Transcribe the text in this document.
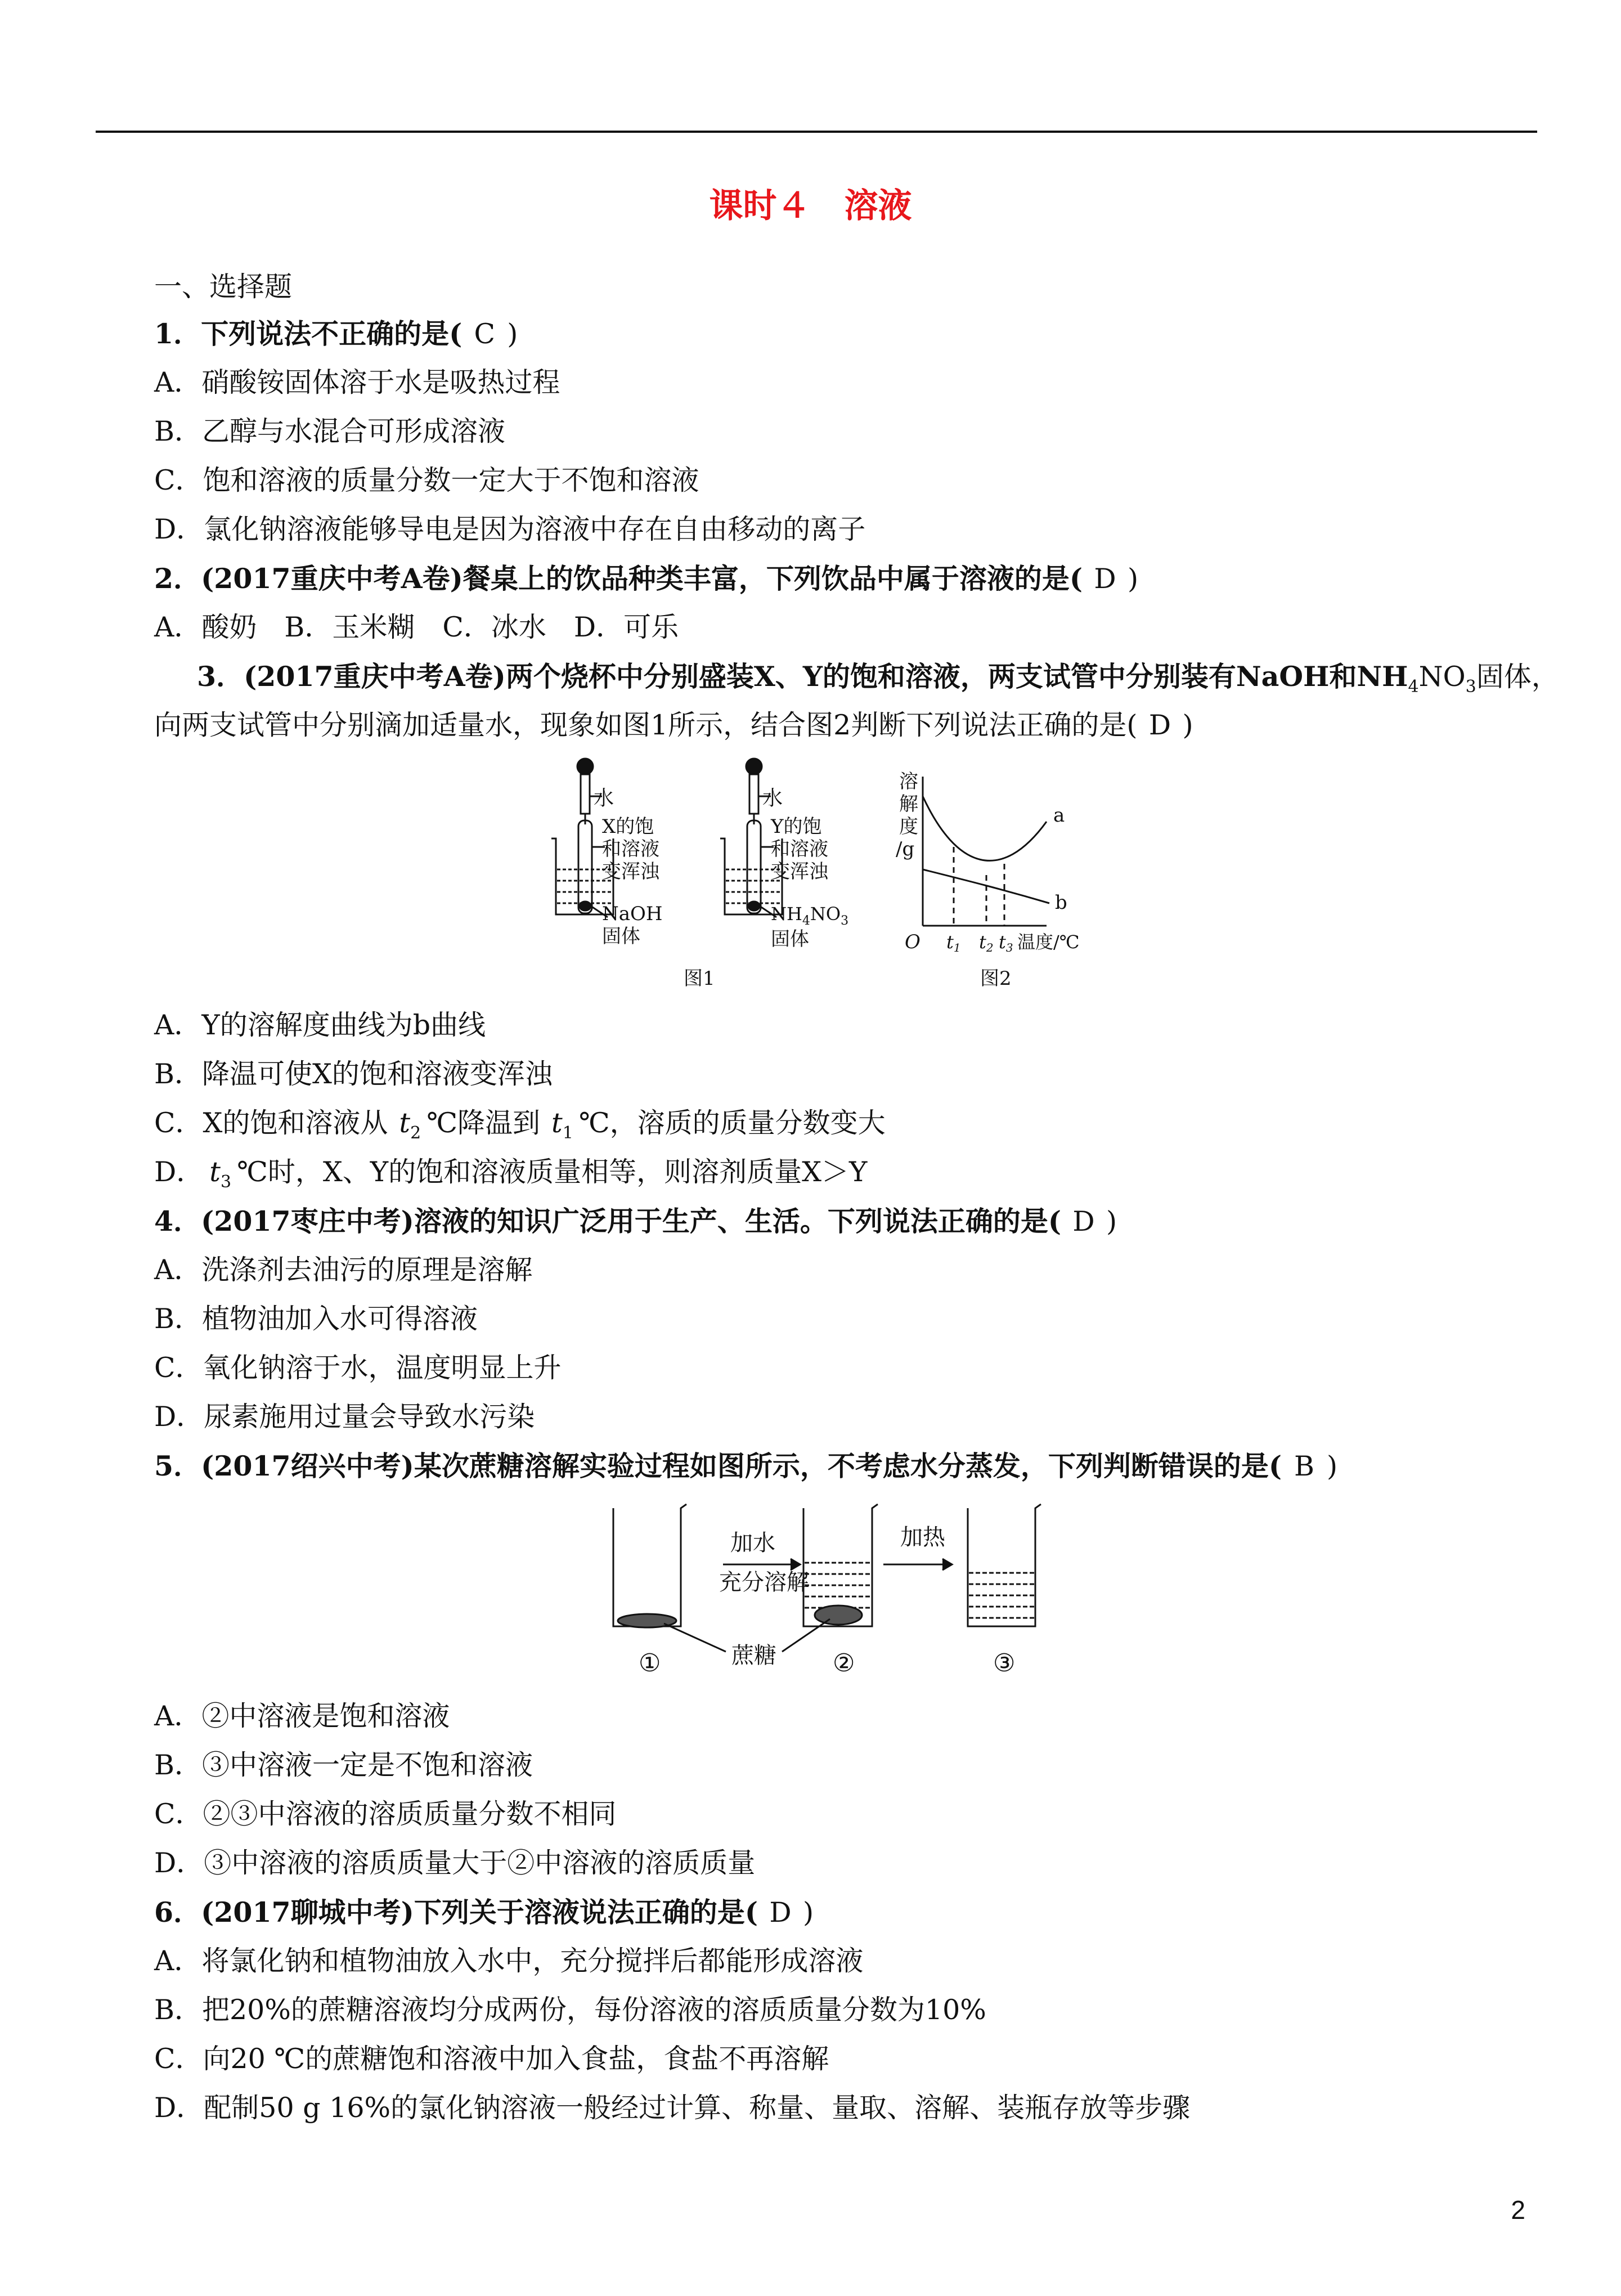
课时４　溶液
一、选择题
1．下列说法不正确的是( C )
A．硝酸铵固体溶于水是吸热过程
B．乙醇与水混合可形成溶液
C．饱和溶液的质量分数一定大于不饱和溶液
D．氯化钠溶液能够导电是因为溶液中存在自由移动的离子
2．(2017重庆中考A卷)餐桌上的饮品种类丰富，下列饮品中属于溶液的是( D )
A．酸奶　B．玉米糊　C．冰水　D．可乐
3．(2017重庆中考A卷)两个烧杯中分别盛装X、Y的饱和溶液，两支试管中分别装有NaOH和$NH_4NO_3$固体，
向两支试管中分别滴加适量水，现象如图1所示，结合图2判断下列说法正确的是( D )
水
X的饱
和溶液
变浑浊
NaOH
固体
水
Y的饱
和溶液
变浑浊
$NH_4NO_3$
固体
图1
溶
解
度
/g
O t1 t2 t3 温度/℃
a
b
图2
A．Y的溶解度曲线为b曲线
B．降温可使X的饱和溶液变浑浊
C．X的饱和溶液从 $t_2$ ℃降温到 $t_1$ ℃，溶质的质量分数变大
D． $t_3$ ℃时，X、Y的饱和溶液质量相等，则溶剂质量X＞Y
4．(2017枣庄中考)溶液的知识广泛用于生产、生活。下列说法正确的是( D )
A．洗涤剂去油污的原理是溶解
B．植物油加入水可得溶液
C．氧化钠溶于水，温度明显上升
D．尿素施用过量会导致水污染
5．(2017绍兴中考)某次蔗糖溶解实验过程如图所示，不考虑水分蒸发，下列判断错误的是( B )
加水
充分溶解
加热
①	蔗糖 ②	③
A．②中溶液是饱和溶液
B．③中溶液一定是不饱和溶液
C．②③中溶液的溶质质量分数不相同
D．③中溶液的溶质质量大于②中溶液的溶质质量
6．(2017聊城中考)下列关于溶液说法正确的是( D )
A．将氯化钠和植物油放入水中，充分搅拌后都能形成溶液
B．把20%的蔗糖溶液均分成两份，每份溶液的溶质质量分数为10%
C．向20 ℃的蔗糖饱和溶液中加入食盐，食盐不再溶解
D．配制50 g 16%的氯化钠溶液一般经过计算、称量、量取、溶解、装瓶存放等步骤
2
